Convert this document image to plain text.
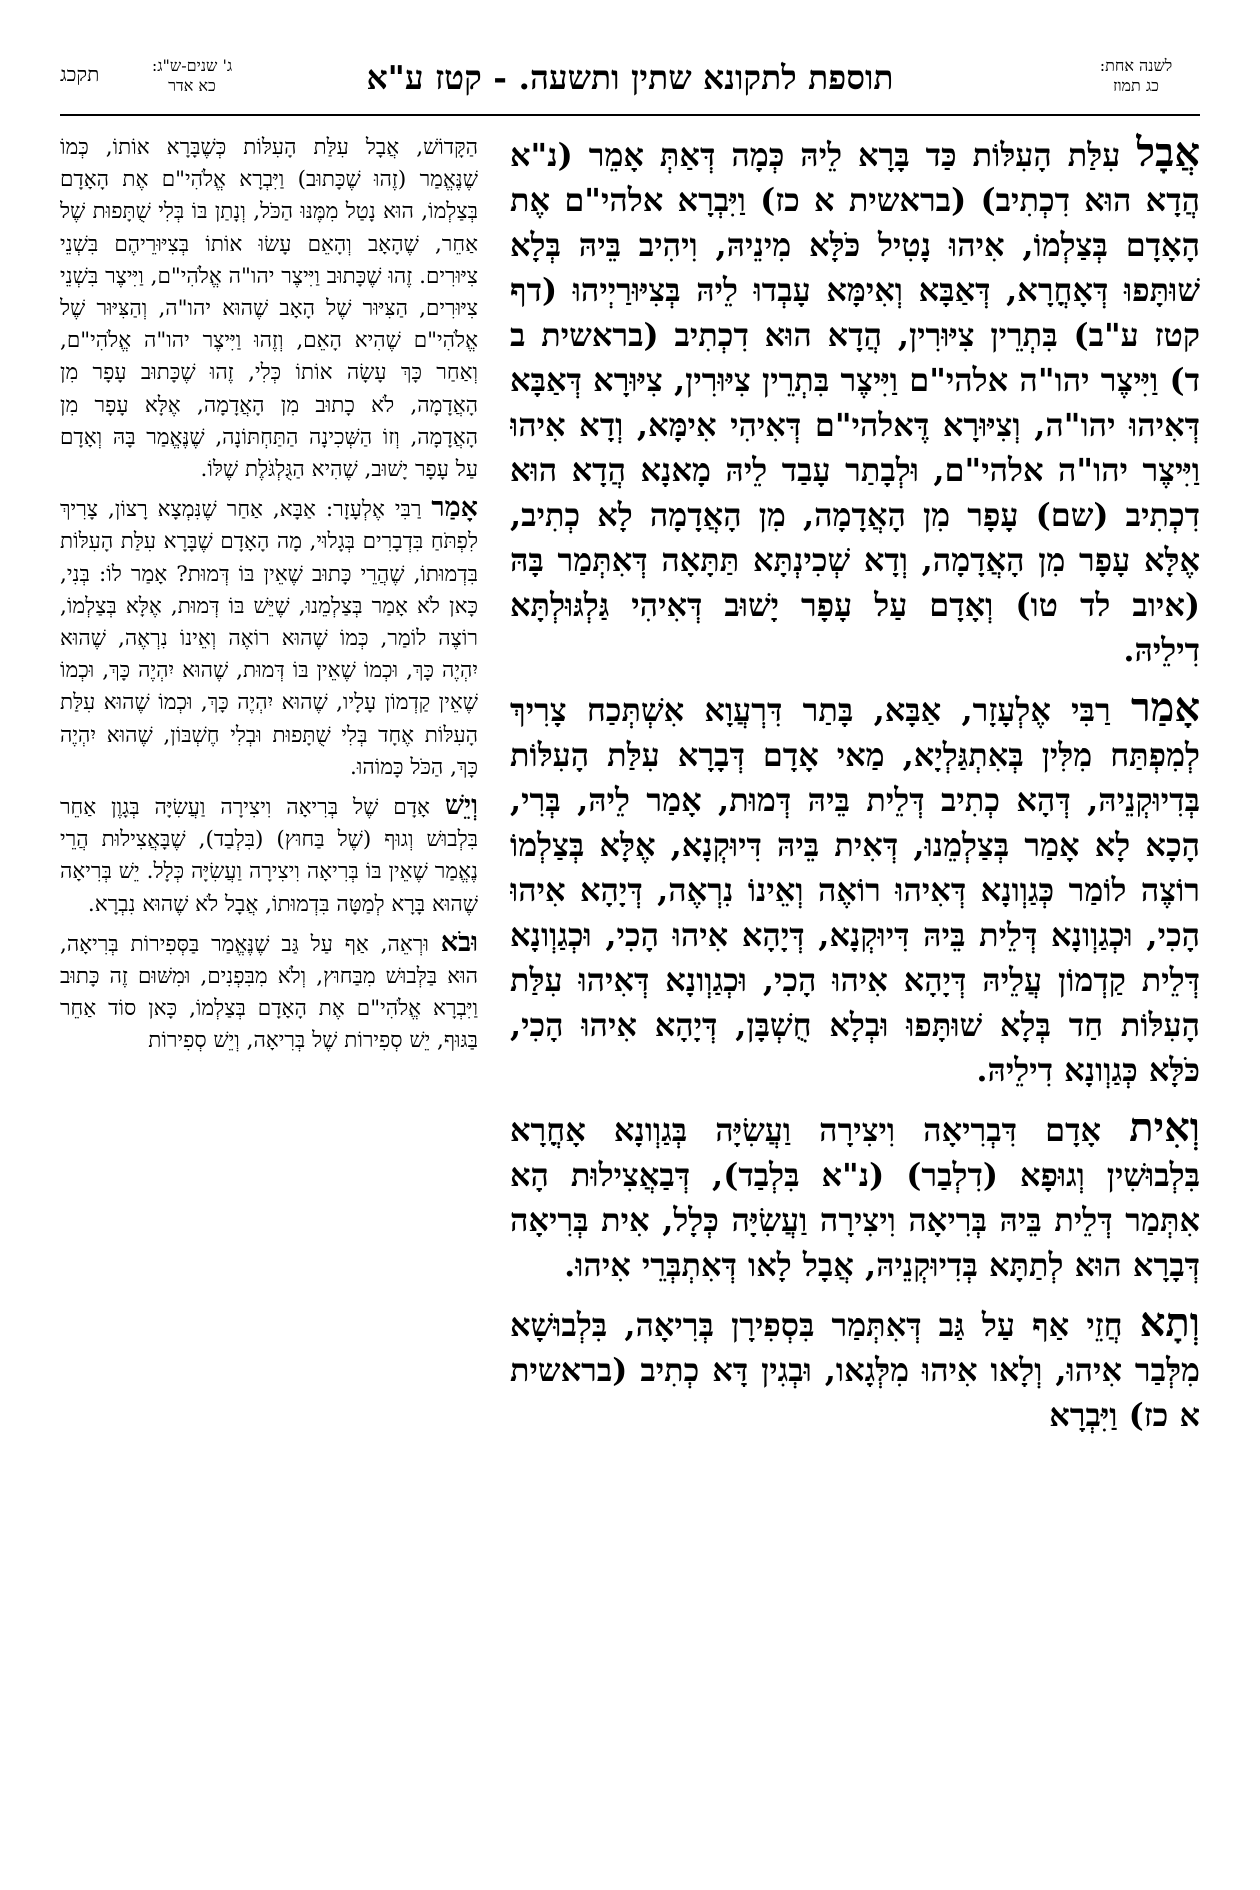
לשנה אחת:
כג תמוז
תוספת לתקונא שתין ותשעה. - קטז ע"א
ג' שנים-ש"ג:
כא אדר
תקכג

אֲבָל עִלַּת הָעִלּוֹת כַּד בָּרָא לֵיהּ כְּמָה דְּאַתְּ אָמֵר (נ"א הֲדָא הוּא דִכְתִיב) (בראשית א כז) וַיִּבְרָא אלהי"ם אֶת הָאָדָם בְּצַלְמוֹ, אִיהוּ נָטִיל כֹּלָּא מִינֵיהּ, וִיהִיב בֵּיהּ בְּלָא שׁוּתָּפוּ דְּאָחֳרָא, דְּאַבָּא וְאִימָּא עָבְדוּ לֵיהּ בְּצִיּוּרַיְיהוּ (דף קטז ע"ב) בִּתְרֵין צִיּוּרִין, הֲדָא הוּא דִכְתִיב (בראשית ב ד) וַיִּיצֶר יהו"ה אלהי"ם וַיִּיצֶר בִּתְרֵין צִיּוּרִין, צִיּוּרָא דְּאַבָּא דְּאִיהוּ יהו"ה, וְצִיּוּרָא דֶּאלהי"ם דְּאִיהִי אִימָּא, וְדָא אִיהוּ וַיִּיצֶר יהו"ה אלהי"ם, וּלְבָתַר עָבַד לֵיהּ מָאנָא הֲדָא הוּא דִכְתִיב (שם) עָפָר מִן הָאֲדָמָה, מִן הָאֲדָמָה לָא כְתִיב, אֶלָּא עָפָר מִן הָאֲדָמָה, וְדָא שְׁכִינְתָּא תַּתָּאָה דְּאִתְּמַר בָּהּ (איוב לד טו) וְאָדָם עַל עָפָר יָשׁוּב דְּאִיהִי גַּלְגּוּלְתָּא דִילֵיהּ.

אָמַר רַבִּי אֶלְעָזָר, אַבָּא, בָּתַר דִּרְעֲוָא אִשְׁתְּכַח צָרִיךְ לְמִפְתַּח מִלִּין בְּאִתְגַּלְיָא, מַאי אָדָם דְּבָרָא עִלַּת הָעִלּוֹת בְּדִיוּקְנֵיהּ, דְּהָא כְתִיב דְּלֵית בֵּיהּ דְּמוּת, אָמַר לֵיהּ, בְּרִי, הָכָא לָא אָמַר בְּצַלְמֵנוּ, דְּאִית בֵּיהּ דִּיוּקְנָא, אֶלָּא בְּצַלְמוֹ רוֹצֶה לוֹמַר כְּגַוְונָא דְּאִיהוּ רוֹאֶה וְאֵינוֹ נִרְאֶה, דְּיָהָא אִיהוּ הָכִי, וּכְגַוְונָא דְּלֵית בֵּיהּ דִּיוּקְנָא, דְּיָהָא אִיהוּ הָכִי, וּכְגַוְונָא דְּלֵית קַדְמוֹן עֲלֵיהּ דְּיָהָא אִיהוּ הָכִי, וּכְגַוְונָא דְּאִיהוּ עִלַּת הָעִלּוֹת חַד בְּלָא שׁוּתָּפוּ וּבְלָא חֻשְׁבָּן, דְּיָהָא אִיהוּ הָכִי, כֹּלָּא כְּגַוְונָא דִילֵיהּ.

וְאִית אָדָם דִּבְרִיאָה וִיצִירָה וַעֲשִׂיָּה בְּגַוְונָא אָחֳרָא בִּלְבוּשִׁין וְגוּפָא (דִלְבַר) (נ"א בִּלְבַד), דְּבַאֲצִילוּת הָא אִתְּמַר דְּלֵית בֵּיהּ בְּרִיאָה וִיצִירָה וַעֲשִׂיָּה כְּלָל, אִית בְּרִיאָה דְּבָרָא הוּא לְתַתָּא בְּדִיוּקְנֵיהּ, אֲבָל לָאו דְּאִתְבְּרֵי אִיהוּ.

וְתָא חֲזֵי אַף עַל גַּב דְּאִתְּמַר בִּסְפִירָן בְּרִיאָה, בִּלְבוּשָׁא מִלְּבַר אִיהוּ, וְלָאו אִיהוּ מִלְּגָאו, וּבְגִין דָּא כְתִיב (בראשית א כז) וַיִּבְרָא

הַקָּדוֹשׁ, אֲבָל עִלַּת הָעִלּוֹת כְּשֶׁבָּרָא אוֹתוֹ, כְּמוֹ שֶׁנֶּאֱמַר (זֶהוּ שֶׁכָּתוּב) וַיִּבְרָא אֱלֹהִי"ם אֶת הָאָדָם בְּצַלְמוֹ, הוּא נָטַל מִמֶּנּוּ הַכֹּל, וְנָתַן בּוֹ בְּלִי שֻׁתָּפוּת שֶׁל אַחֵר, שֶׁהָאָב וְהָאֵם עָשׂוּ אוֹתוֹ בְּצִיּוּרֵיהֶם בִּשְׁנֵי צִיּוּרִים. זֶהוּ שֶׁכָּתוּב וַיִּיצֶר יהו"ה אֱלֹהִי"ם, וַיִּיצֶר בִּשְׁנֵי צִיּוּרִים, הַצִּיּוּר שֶׁל הָאָב שֶׁהוּא יהו"ה, וְהַצִּיּוּר שֶׁל אֱלֹהִי"ם שֶׁהִיא הָאֵם, וְזֶהוּ וַיִּיצֶר יהו"ה אֱלֹהִי"ם, וְאַחַר כָּךְ עָשָׂה אוֹתוֹ כְּלִי, זֶהוּ שֶׁכָּתוּב עָפָר מִן הָאֲדָמָה, לֹא כָתוּב מִן הָאֲדָמָה, אֶלָּא עָפָר מִן הָאֲדָמָה, וְזוֹ הַשְּׁכִינָה הַתַּחְתּוֹנָה, שֶׁנֶּאֱמַר בָּהּ וְאָדָם עַל עָפָר יָשׁוּב, שֶׁהִיא הַגֻּלְגֹּלֶת שֶׁלּוֹ.

אָמַר רַבִּי אֶלְעָזָר: אַבָּא, אַחַר שֶׁנִּמְצָא רָצוֹן, צָרִיךְ לִפְתֹּחַ בִּדְבָרִים בְּגָלוּי, מָה הָאָדָם שֶׁבָּרָא עִלַּת הָעִלּוֹת בִּדְמוּתוֹ, שֶׁהֲרֵי כָּתוּב שֶׁאֵין בּוֹ דְּמוּת? אָמַר לוֹ: בְּנִי, כָּאן לֹא אָמַר בְּצַלְמֵנוּ, שֶׁיֵּשׁ בּוֹ דְּמוּת, אֶלָּא בְּצַלְמוֹ, רוֹצֶה לוֹמַר, כְּמוֹ שֶׁהוּא רוֹאֶה וְאֵינוֹ נִרְאֶה, שֶׁהוּא יִהְיֶה כָּךְ, וּכְמוֹ שֶׁאֵין בּוֹ דְּמוּת, שֶׁהוּא יִהְיֶה כָּךְ, וּכְמוֹ שֶׁאֵין קַדְמוֹן עָלָיו, שֶׁהוּא יִהְיֶה כָּךְ, וּכְמוֹ שֶׁהוּא עִלַּת הָעִלּוֹת אֶחָד בְּלִי שֻׁתָּפוּת וּבְלִי חֶשְׁבּוֹן, שֶׁהוּא יִהְיֶה כָּךְ, הַכֹּל כָּמוֹהוּ.

וְיֵשׁ אָדָם שֶׁל בְּרִיאָה וִיצִירָה וַעֲשִׂיָּה בְּגָוֶן אַחֵר בִּלְבוּשׁ וְגוּף (שֶׁל בַּחוּץ) (בִּלְבַד), שֶׁבָּאֲצִילוּת הֲרֵי נֶאֱמַר שֶׁאֵין בּוֹ בְּרִיאָה וִיצִירָה וַעֲשִׂיָּה כְּלָל. יֵשׁ בְּרִיאָה שֶׁהוּא בָּרָא לְמַטָּה בִּדְמוּתוֹ, אֲבָל לֹא שֶׁהוּא נִבְרָא.

וּבֹא וּרְאֵה, אַף עַל גַּב שֶׁנֶּאֱמַר בַּסְּפִירוֹת בְּרִיאָה, הוּא בַּלְּבוּשׁ מִבַּחוּץ, וְלֹא מִבִּפְנִים, וּמִשּׁוּם זֶה כָּתוּב וַיִּבְרָא אֱלֹהִי"ם אֶת הָאָדָם בְּצַלְמוֹ, כָּאן סוֹד אַחֵר בַּגּוּף, יֵשׁ סְפִירוֹת שֶׁל בְּרִיאָה, וְיֵשׁ סְפִירוֹת
